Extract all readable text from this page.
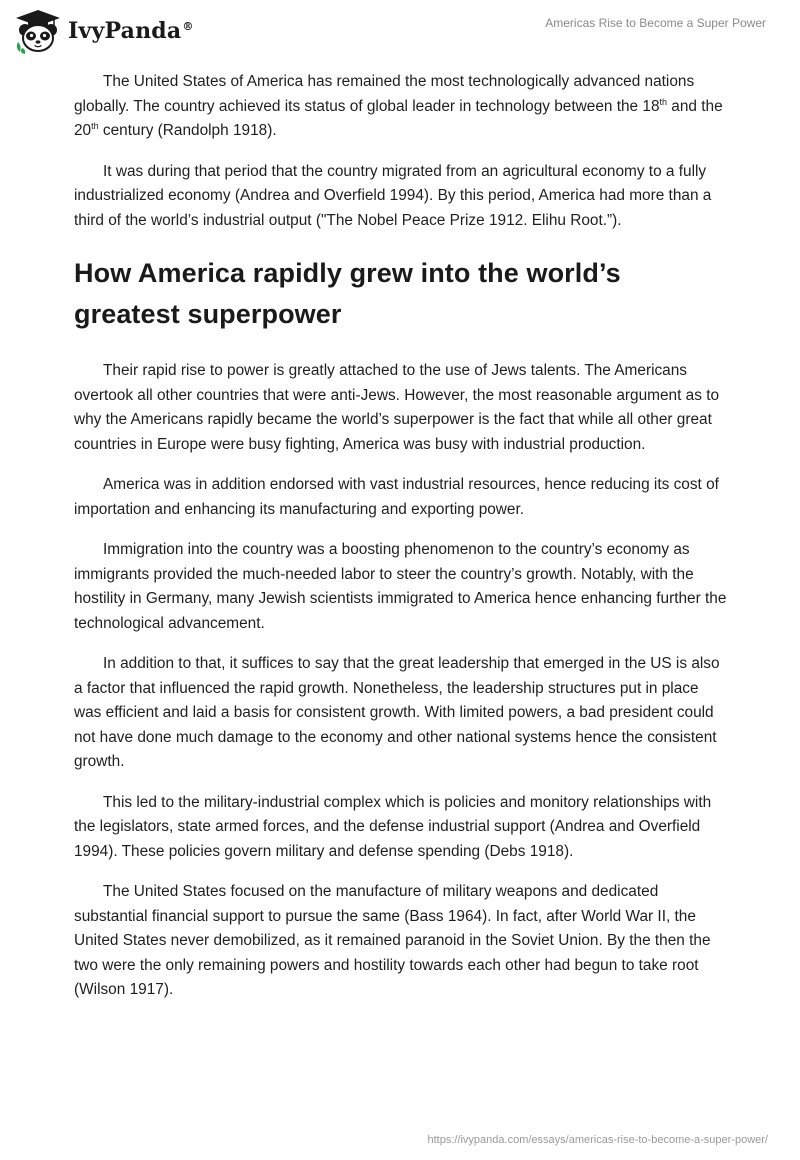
IvyPanda®	Americas Rise to Become a Super Power

The United States of America has remained the most technologically advanced nations globally. The country achieved its status of global leader in technology between the 18th and the 20th century (Randolph 1918).

It was during that period that the country migrated from an agricultural economy to a fully industrialized economy (Andrea and Overfield 1994). By this period, America had more than a third of the world’s industrial output ("The Nobel Peace Prize 1912. Elihu Root.”).

How America rapidly grew into the world’s greatest superpower

Their rapid rise to power is greatly attached to the use of Jews talents. The Americans overtook all other countries that were anti-Jews. However, the most reasonable argument as to why the Americans rapidly became the world’s superpower is the fact that while all other great countries in Europe were busy fighting, America was busy with industrial production.

America was in addition endorsed with vast industrial resources, hence reducing its cost of importation and enhancing its manufacturing and exporting power.

Immigration into the country was a boosting phenomenon to the country’s economy as immigrants provided the much-needed labor to steer the country’s growth. Notably, with the hostility in Germany, many Jewish scientists immigrated to America hence enhancing further the technological advancement.

In addition to that, it suffices to say that the great leadership that emerged in the US is also a factor that influenced the rapid growth. Nonetheless, the leadership structures put in place was efficient and laid a basis for consistent growth. With limited powers, a bad president could not have done much damage to the economy and other national systems hence the consistent growth.

This led to the military-industrial complex which is policies and monitory relationships with the legislators, state armed forces, and the defense industrial support (Andrea and Overfield 1994). These policies govern military and defense spending (Debs 1918).

The United States focused on the manufacture of military weapons and dedicated substantial financial support to pursue the same (Bass 1964). In fact, after World War II, the United States never demobilized, as it remained paranoid in the Soviet Union. By the then the two were the only remaining powers and hostility towards each other had begun to take root (Wilson 1917).

https://ivypanda.com/essays/americas-rise-to-become-a-super-power/
